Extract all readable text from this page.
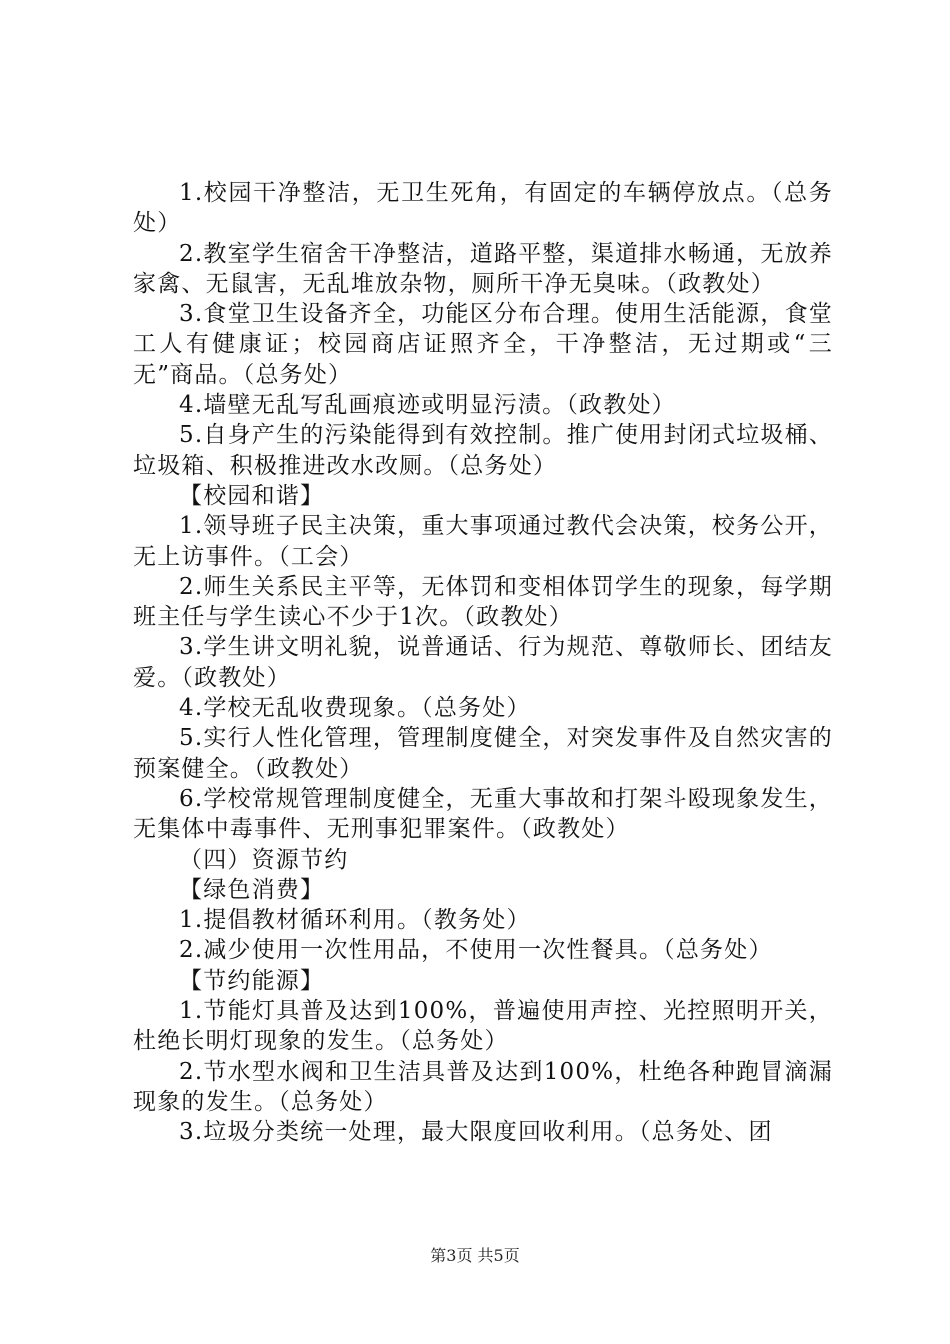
1.校园干净整洁，无卫生死角，有固定的车辆停放点。（总务处）

2.教室学生宿舍干净整洁，道路平整，渠道排水畅通，无放养家禽、无鼠害，无乱堆放杂物，厕所干净无臭味。（政教处）

3.食堂卫生设备齐全，功能区分布合理。使用生活能源，食堂工人有健康证；校园商店证照齐全，干净整洁，无过期或“三无”商品。（总务处）

4.墙壁无乱写乱画痕迹或明显污渍。（政教处）

5.自身产生的污染能得到有效控制。推广使用封闭式垃圾桶、垃圾箱、积极推进改水改厕。（总务处）

【校园和谐】

1.领导班子民主决策，重大事项通过教代会决策，校务公开，无上访事件。（工会）

2.师生关系民主平等，无体罚和变相体罚学生的现象，每学期班主任与学生读心不少于1次。（政教处）

3.学生讲文明礼貌，说普通话、行为规范、尊敬师长、团结友爱。（政教处）

4.学校无乱收费现象。（总务处）

5.实行人性化管理，管理制度健全，对突发事件及自然灾害的预案健全。（政教处）

6.学校常规管理制度健全，无重大事故和打架斗殴现象发生，无集体中毒事件、无刑事犯罪案件。（政教处）

（四）资源节约

【绿色消费】

1.提倡教材循环利用。（教务处）

2.减少使用一次性用品，不使用一次性餐具。（总务处）

【节约能源】

1.节能灯具普及达到100%，普遍使用声控、光控照明开关，杜绝长明灯现象的发生。（总务处）

2.节水型水阀和卫生洁具普及达到100%，杜绝各种跑冒滴漏现象的发生。（总务处）

3.垃圾分类统一处理，最大限度回收利用。（总务处、团

第3页 共5页
